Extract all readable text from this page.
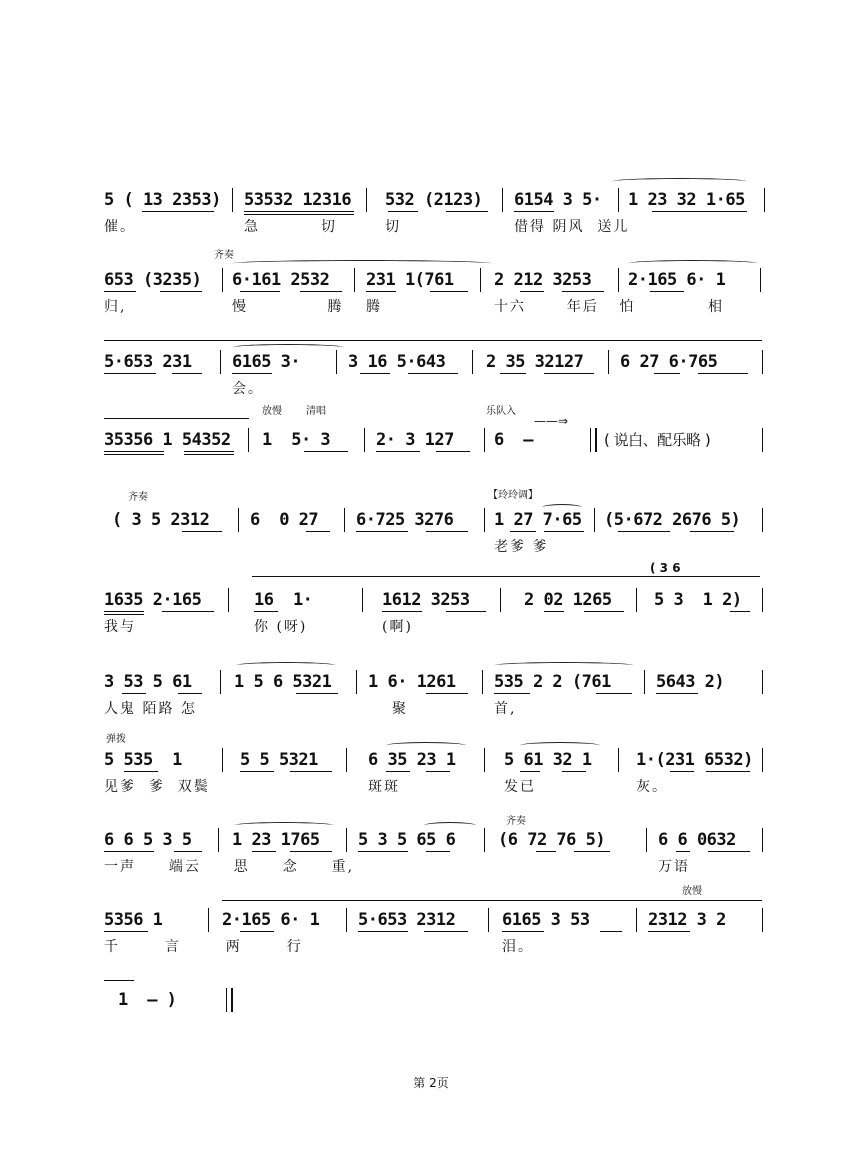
5 ( 13 2353) 53532 12316 532 (2123) 6154 3 5· 1 23 32 1·65
催。	急  切	切	借得 阴风  送儿
齐奏
653 (3235) 6·161 2532 231 1(761 2 212 3253 2·165 6· 1
归,	慢   腾 腾	十六  年后 怕	相
5·653 231 6165 3·	3 16 5·643 2 35 32127 6 27 6·765
会。
放慢 清唱	乐队入
——⇒
35356 1 54352 1  5· 3	2· 3 127 6  –	( 说白、配乐略 )
齐奏	【玲玲调】
( 3 5 2312 6  0 27 6·725 3276 1 27 7·65 (5·672 2676 5)
老爹 爹
( 3 6
1635 2·165	16  1·	1612 3253	2 02 1265 5 3  1 2)
我与	你 (呀)	(啊)
3 53 5 61 1 5 6 5321 1 6· 1261 535 2 2 (761	5643 2)
人鬼 陌路 怎	聚	首,
弹拨
5 535  1	5 5 5321	6 35 23 1	5 61 32 1	1·(231 6532)
见爹  爹  双鬓	斑斑	发已	灰。
齐奏
6 6 5 3 5 1 23 1765 5 3 5 65 6	(6 72 76 5)	6 6 0632
一声  端云  思  念  重,	万语
放慢
5356 1	2·165 6· 1 5·653 2312	6165 3 53	2312 3 2
千  言  两  行	泪。
1  – )
第 2页
